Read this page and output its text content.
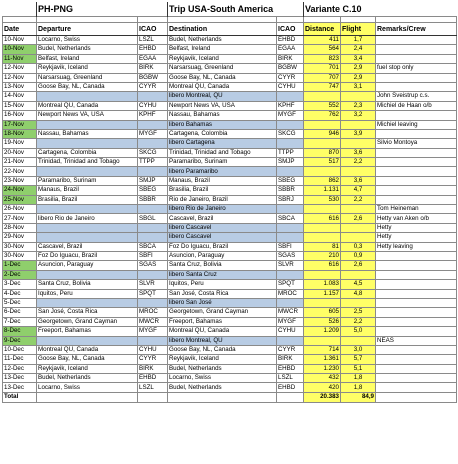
	PH-PNG		Trip USA-South America		Variante C.10		

Date	Departure	ICAO	Destination	ICAO	Distance	Flight	Remarks/Crew
10-Nov	Locarno, Swiss	LSZL	Budel, Netherlands	EHBD	411	1,7	
10-Nov	Budel, Netherlands	EHBD	Belfast, Ireland	EGAA	564	2,4	
11-Nov	Belfast, Ireland	EGAA	Reykjavik, Iceland	BIRK	823	3,4	
12-Nov	Reykjavik, Iceland	BIRK	Narsarsuag, Greenland	BGBW	701	2,9	fuel stop only
12-Nov	Narsarsuag, Greenland	BGBW	Goose Bay, NL, Canada	CYYR	707	2,9	
13-Nov	Goose Bay, NL, Canada	CYYR	Montreal QU, Canada	CYHU	747	3,1	
14-Nov			libero Montreal, QU				John Sveistrup c.s.
15-Nov	Montreal QU, Canada	CYHU	Newport News VA, USA	KPHF	552	2,3	Michiel de Haan o/b
16-Nov	Newport News VA, USA	KPHF	Nassau, Bahamas	MYGF	762	3,2	
17-Nov			libero Bahamas				Michiel leaving
18-Nov	Nassau, Bahamas	MYGF	Cartagena, Colombia	SKCG	946	3,9	
19-Nov			libero Cartagena				Silvio Montoya
20-Nov	Cartagena, Colombia	SKCG	Trinidad, Trinidad and Tobago	TTPP	870	3,6	
21-Nov	Trinidad, Trinidad and Tobago	TTPP	Paramaribo, Surinam	SMJP	517	2,2	
22-Nov			libero Paramaribo				
23-Nov	Paramaribo, Surinam	SMJP	Manaus, Brazil	SBEG	862	3,6	
24-Nov	Manaus, Brazil	SBEG	Brasilia, Brazil	SBBR	1.131	4,7	
25-Nov	Brasilia, Brazil	SBBR	Rio de Janeiro, Brazil	SBRJ	530	2,2	
26-Nov			libero Rio de Janeiro				Tom Heineman
27-Nov	libero Rio de Janeiro	SBGL	Cascavel, Brazil	SBCA	616	2,6	Hetty van Aken o/b
28-Nov			libero Cascavel				Hetty
29-Nov			libero Cascavel				Hetty
30-Nov	Cascavel, Brazil	SBCA	Foz Do Iguacu, Brazil	SBFI	81	0,3	Hetty leaving
30-Nov	Foz Do Iguacu, Brazil	SBFI	Asuncion, Paraguay	SGAS	210	0,9	
1-Dec	Asuncion, Paraguay	SGAS	Santa Cruz, Bolivia	SLVR	616	2,6	
2-Dec			libero Santa Cruz				
3-Dec	Santa Cruz, Bolivia	SLVR	Iquitos, Peru	SPQT	1.083	4,5	
4-Dec	Iquitos, Peru	SPQT	San José, Costa Rica	MROC	1.157	4,8	
5-Dec			libero San José				
6-Dec	San José, Costa Rica	MROC	Georgetown, Grand Cayman	MWCR	605	2,5	
7-Dec	Georgetown, Grand Cayman	MWCR	Freeport, Bahamas	MYGF	526	2,2	
8-Dec	Freeport, Bahamas	MYGF	Montreal QU, Canada	CYHU	1.209	5,0	
9-Dec			libero Montreal, QU				NEAS
10-Dec	Montreal QU, Canada	CYHU	Goose Bay, NL, Canada	CYYR	714	3,0	
11-Dec	Goose Bay, NL, Canada	CYYR	Reykjavik, Iceland	BIRK	1.361	5,7	
12-Dec	Reykjavik, Iceland	BIRK	Budel, Netherlands	EHBD	1.230	5,1	
13-Dec	Budel, Netherlands	EHBD	Locarno, Swiss	LSZL	432	1,8	
13-Dec	Locarno, Swiss	LSZL	Budel, Netherlands	EHBD	420	1,8	
Total					20.383	84,9	
